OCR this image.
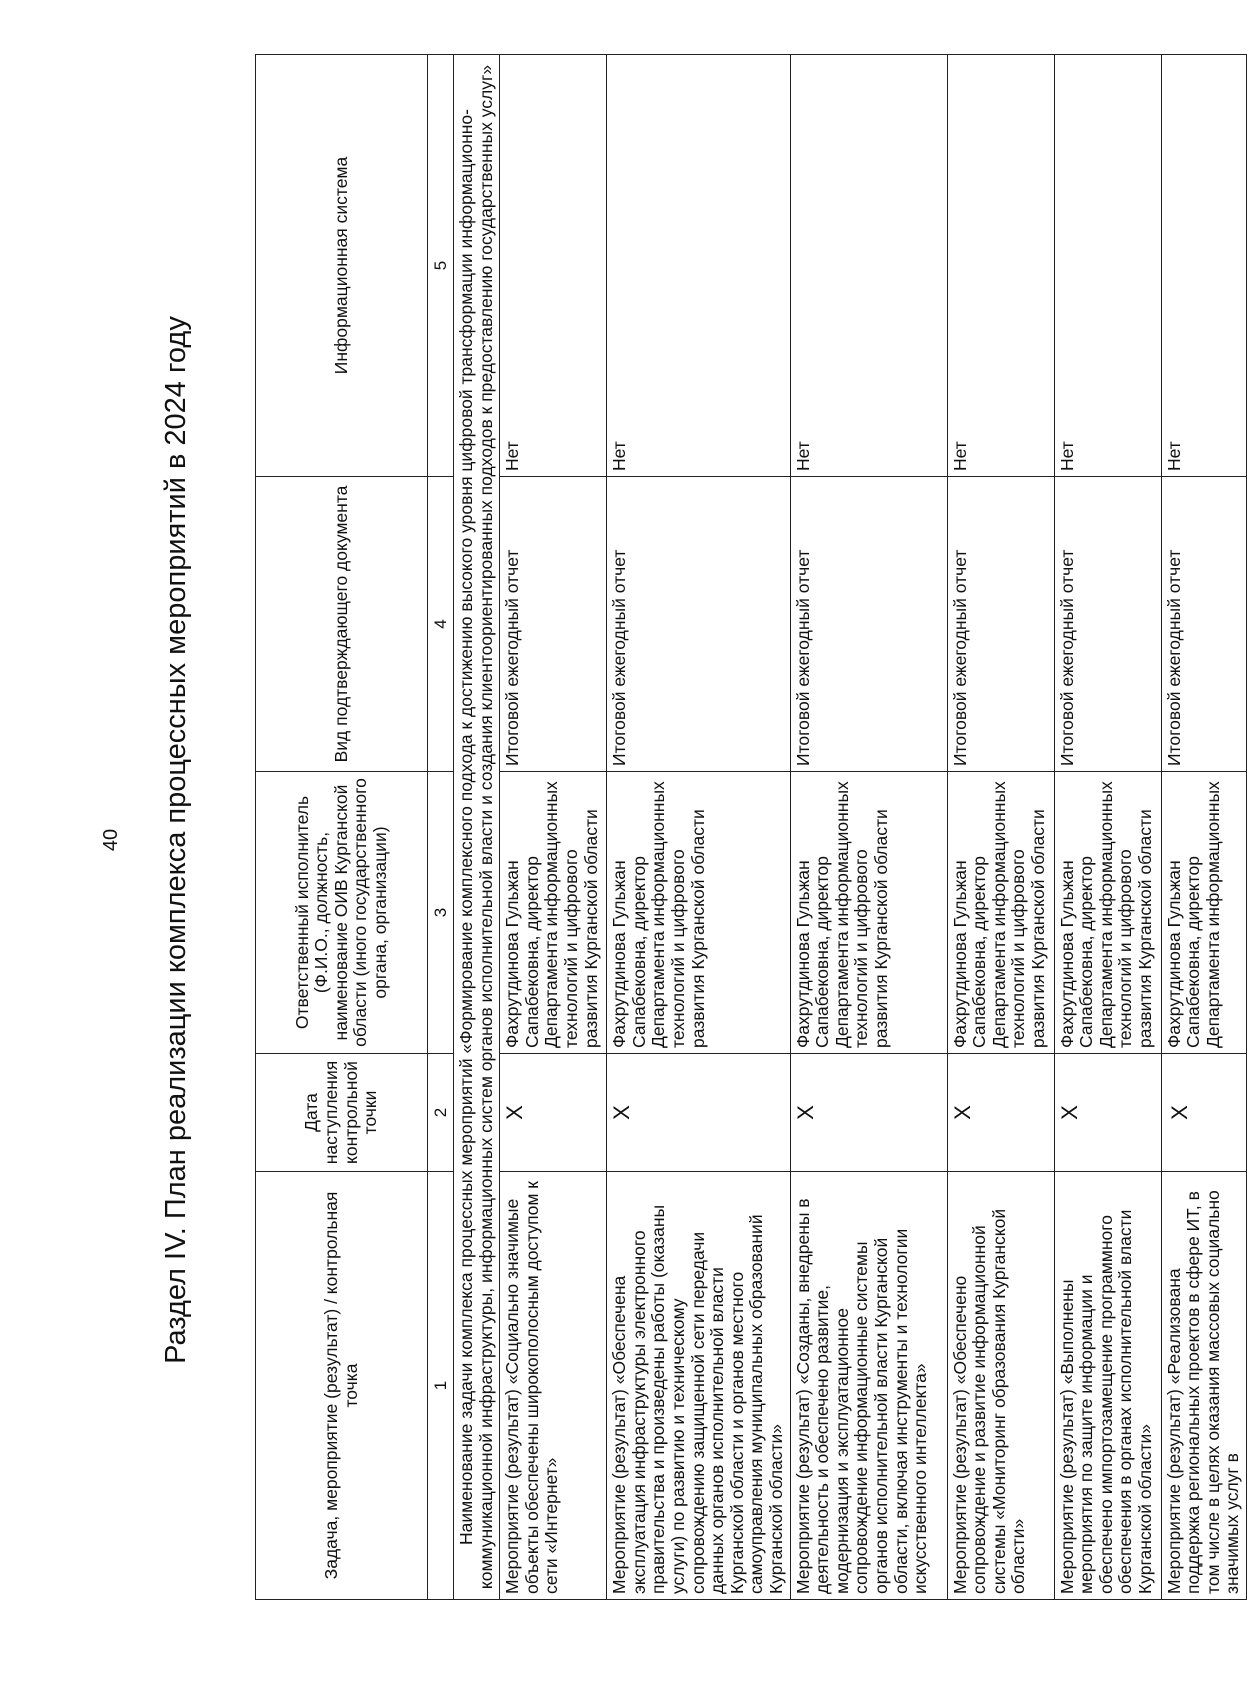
40 Раздел IV. План реализации комплекса процессных мероприятий в 2024 году
Задача, мероприятие (результат) / контрольная точка	Дата наступления контрольной точки	Ответственный исполнитель (Ф.И.О., должность, наименование ОИВ Курганской области (иного государственного органа, организации)	Вид подтверждающего документа	Информационная система
1	2	3	4	5
Наименование задачи комплекса процессных мероприятий «Формирование комплексного подхода к достижению высокого уровня цифровой трансформации информационно-коммуникационной инфраструктуры, информационных систем органов исполнительной власти и создания клиентоориентированных подходов к предоставлению государственных услуг»				
Мероприятие (результат) «Социально значимые объекты обеспечены широкополосным доступом к сети «Интернет»	X	Фахрутдинова Гульжан Сапабековна, директор Департамента информационных технологий и цифрового развития Курганской области	Итоговой ежегодный отчет	Нет
Мероприятие (результат) «Обеспечена эксплуатация инфраструктуры электронного правительства и произведены работы (оказаны услуги) по развитию и техническому сопровождению защищенной сети передачи данных органов исполнительной власти Курганской области и органов местного самоуправления муниципальных образований Курганской области»	X	Фахрутдинова Гульжан Сапабековна, директор Департамента информационных технологий и цифрового развития Курганской области	Итоговой ежегодный отчет	Нет
Мероприятие (результат) «Созданы, внедрены в деятельность и обеспечено развитие, модернизация и эксплуатационное сопровождение информационные системы органов исполнительной власти Курганской области, включая инструменты и технологии искусственного интеллекта»	X	Фахрутдинова Гульжан Сапабековна, директор Департамента информационных технологий и цифрового развития Курганской области	Итоговой ежегодный отчет	Нет
Мероприятие (результат) «Обеспечено сопровождение и развитие информационной системы «Мониторинг образования Курганской области»	X	Фахрутдинова Гульжан Сапабековна, директор Департамента информационных технологий и цифрового развития Курганской области	Итоговой ежегодный отчет	Нет
Мероприятие (результат) «Выполнены мероприятия по защите информации и обеспечено импортозамещение программного обеспечения в органах исполнительной власти Курганской области»	X	Фахрутдинова Гульжан Сапабековна, директор Департамента информационных технологий и цифрового развития Курганской области	Итоговой ежегодный отчет	Нет
Мероприятие (результат) «Реализована поддержка региональных проектов в сфере ИТ, в том числе в целях оказания массовых социально значимых услуг в	X	Фахрутдинова Гульжан Сапабековна, директор Департамента информационных	Итоговой ежегодный отчет	Нет
